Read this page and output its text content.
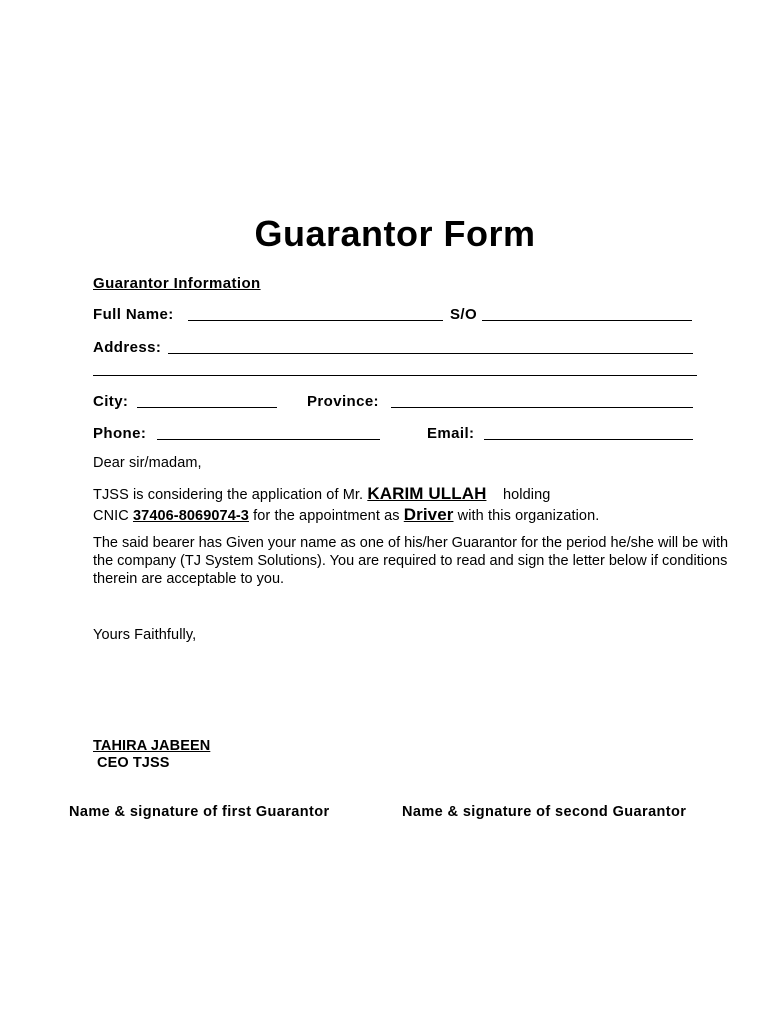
Guarantor Form
Guarantor Information
Full Name:	S/O
Address:
City:	Province:
Phone:	Email:
Dear sir/madam,
TJSS is considering the application of Mr. KARIM ULLAH holding
CNIC 37406-8069074-3 for the appointment as Driver with this organization.
The said bearer has Given your name as one of his/her Guarantor for the period he/she will be with the company (TJ System Solutions). You are required to read and sign the letter below if conditions therein are acceptable to you.
Yours Faithfully,
TAHIRA JABEEN
CEO TJSS
Name & signature of first Guarantor	Name & signature of second Guarantor
